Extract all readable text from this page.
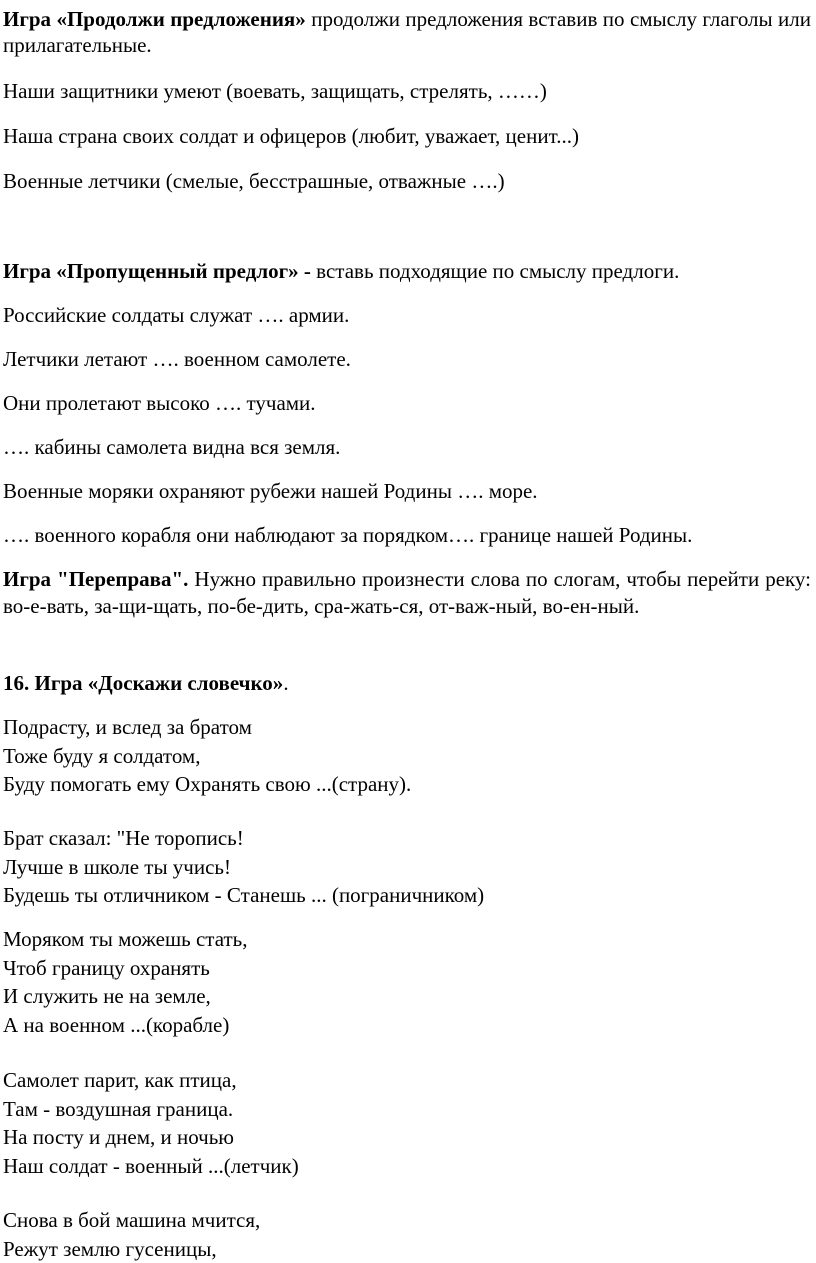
Игра «Продолжи предложения» продолжи предложения вставив по смыслу глаголы или прилагательные.
Наши защитники умеют (воевать, защищать, стрелять, ……)
Наша страна своих солдат и офицеров (любит, уважает, ценит...)
Военные летчики (смелые, бесстрашные, отважные ….)
Игра «Пропущенный предлог» - вставь подходящие по смыслу предлоги.
Российские солдаты служат …. армии.
Летчики летают …. военном самолете.
Они пролетают высоко …. тучами.
…. кабины самолета видна вся земля.
Военные моряки охраняют рубежи нашей Родины …. море.
…. военного корабля они наблюдают за порядком…. границе нашей Родины.
Игра "Переправа". Нужно правильно произнести слова по слогам, чтобы перейти реку: во-е-вать, за-щи-щать, по-бе-дить, сра-жать-ся, от-важ-ный, во-ен-ный.
16. Игра «Доскажи словечко».
Подрасту, и вслед за братом
Тоже буду я солдатом,
Буду помогать ему Охранять свою ...(страну).
Брат сказал: "Не торопись!
Лучше в школе ты учись!
Будешь ты отличником - Станешь ... (пограничником)
Моряком ты можешь стать,
Чтоб границу охранять
И служить не на земле,
А на военном ...(корабле)
Самолет парит, как птица,
Там - воздушная граница.
На посту и днем, и ночью
Наш солдат - военный ...(летчик)
Снова в бой машина мчится,
Режут землю гусеницы,
